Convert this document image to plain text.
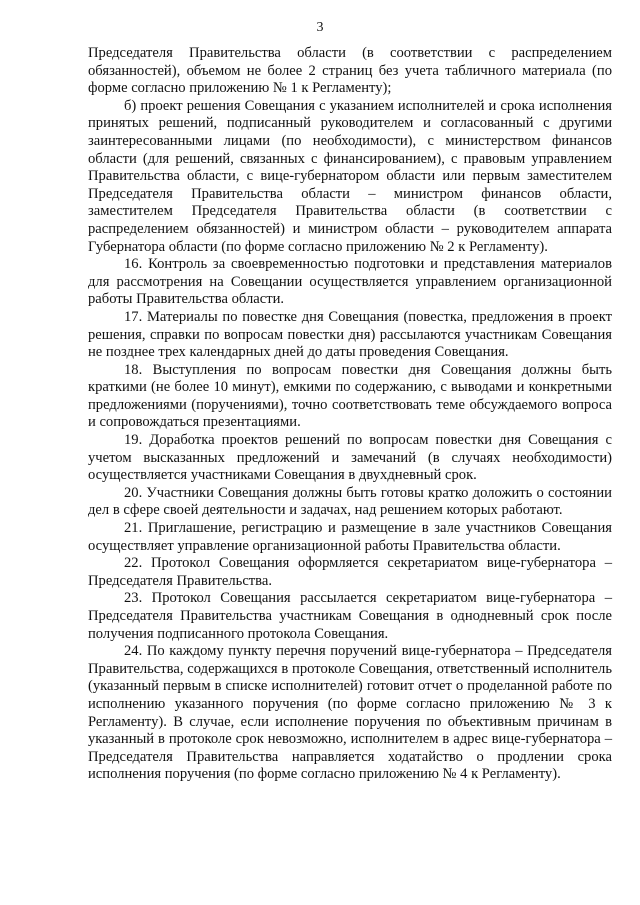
3

Председателя Правительства области (в соответствии с распределением обязанностей), объемом не более 2 страниц без учета табличного материала (по форме согласно приложению № 1 к Регламенту);

б) проект решения Совещания с указанием исполнителей и срока исполнения принятых решений, подписанный руководителем и согласованный с другими заинтересованными лицами (по необходимости), с министерством финансов области (для решений, связанных с финансированием), с правовым управлением Правительства области, с вице-губернатором области или первым заместителем Председателя Правительства области – министром финансов области, заместителем Председателя Правительства области (в соответствии с распределением обязанностей) и министром области – руководителем аппарата Губернатора области (по форме согласно приложению № 2 к Регламенту).

16. Контроль за своевременностью подготовки и представления материалов для рассмотрения на Совещании осуществляется управлением организационной работы Правительства области.

17. Материалы по повестке дня Совещания (повестка, предложения в проект решения, справки по вопросам повестки дня) рассылаются участникам Совещания не позднее трех календарных дней до даты проведения Совещания.

18. Выступления по вопросам повестки дня Совещания должны быть краткими (не более 10 минут), емкими по содержанию, с выводами и конкретными предложениями (поручениями), точно соответствовать теме обсуждаемого вопроса и сопровождаться презентациями.

19. Доработка проектов решений по вопросам повестки дня Совещания с учетом высказанных предложений и замечаний (в случаях необходимости) осуществляется участниками Совещания в двухдневный срок.

20. Участники Совещания должны быть готовы кратко доложить о состоянии дел в сфере своей деятельности и задачах, над решением которых работают.

21. Приглашение, регистрацию и размещение в зале участников Совещания осуществляет управление организационной работы Правительства области.

22. Протокол Совещания оформляется секретариатом вице-губернатора – Председателя Правительства.

23. Протокол Совещания рассылается секретариатом вице-губернатора – Председателя Правительства участникам Совещания в однодневный срок после получения подписанного протокола Совещания.

24. По каждому пункту перечня поручений вице-губернатора – Председателя Правительства, содержащихся в протоколе Совещания, ответственный исполнитель (указанный первым в списке исполнителей) готовит отчет о проделанной работе по исполнению указанного поручения (по форме согласно приложению № 3 к Регламенту). В случае, если исполнение поручения по объективным причинам в указанный в протоколе срок невозможно, исполнителем в адрес вице-губернатора – Председателя Правительства направляется ходатайство о продлении срока исполнения поручения (по форме согласно приложению № 4 к Регламенту).
